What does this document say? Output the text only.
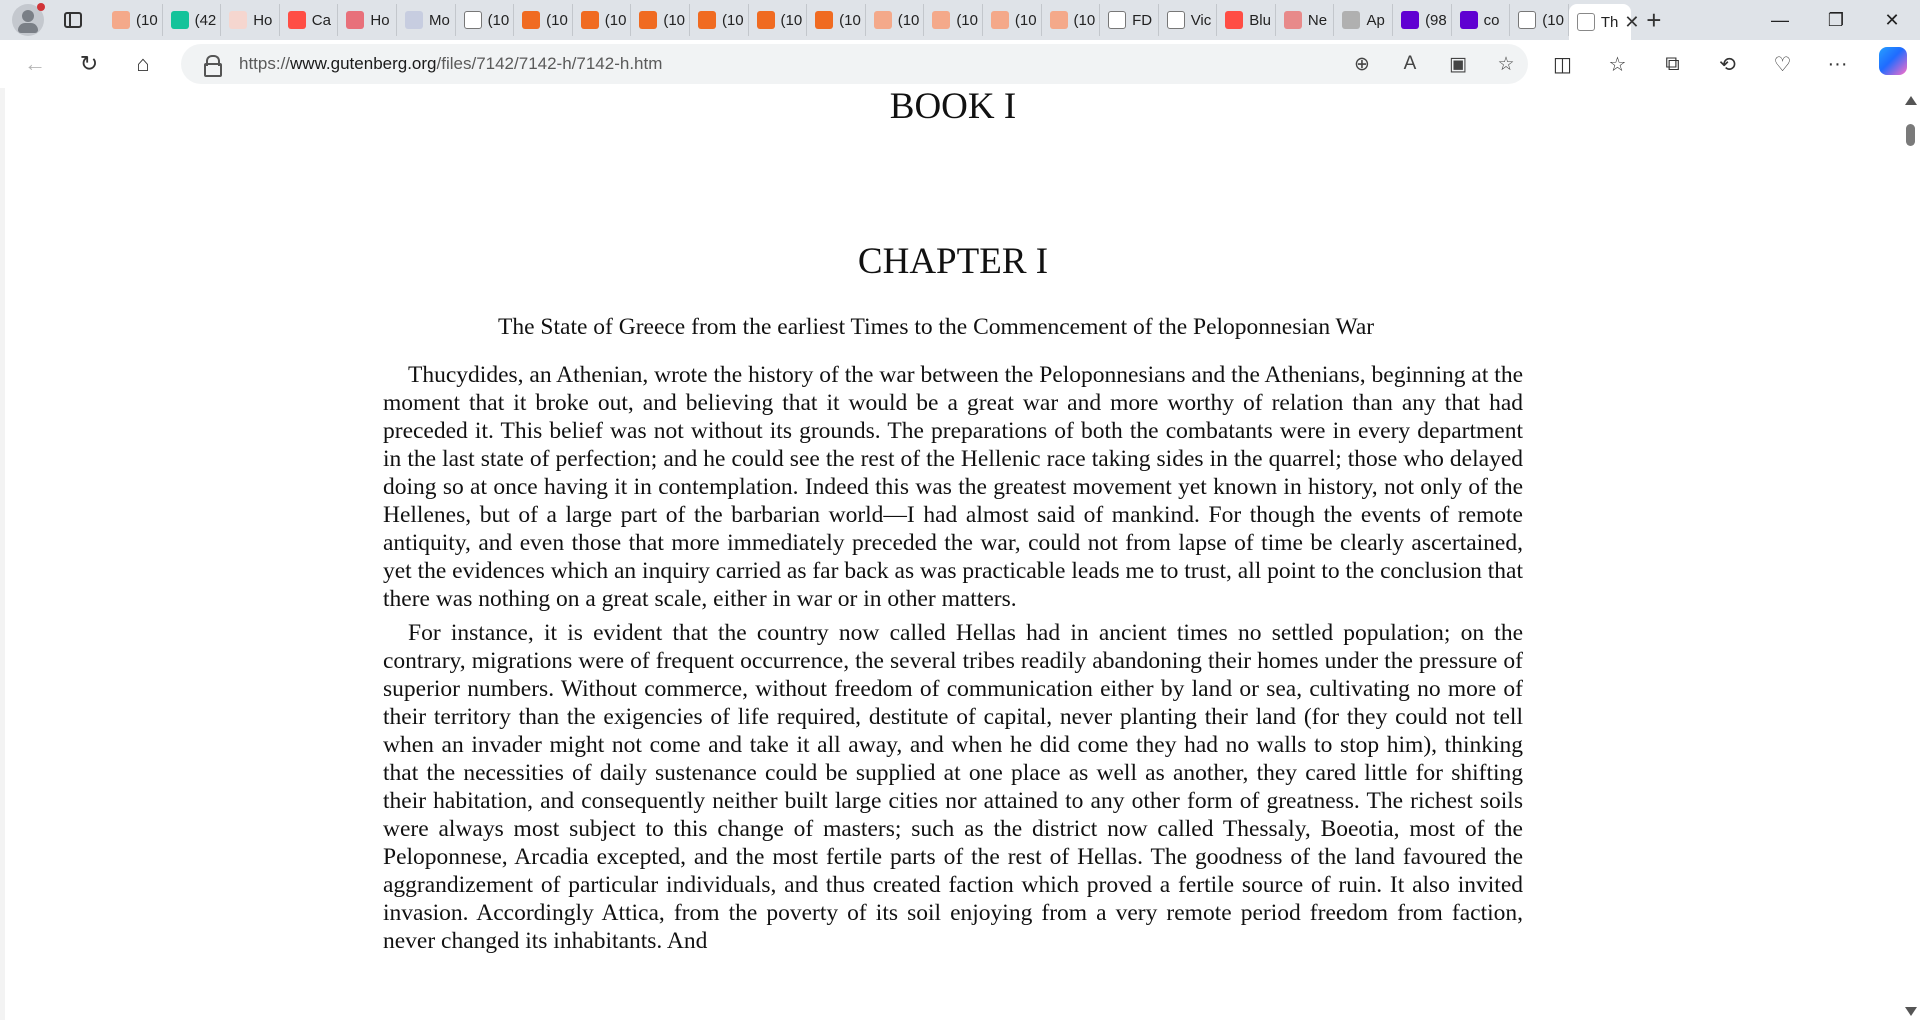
(10 (42 Ho	Ca	Ho	Mo	(10 (10 (10 (10 (10 (10 (10 (10 (10 (10 (10 FD	Vic	Blu Ne	Ap	(98 co	(10 Th ✕ +	—	❐	✕
←	↻	⌂	https://www.gutenberg.org/files/7142/7142-h/7142-h.htm	⊕ A ▣ ☆	◫	☆	⧉	⟲	♡	···
BOOK I
CHAPTER I

The State of Greece from the earliest Times to the Commencement of the Peloponnesian War

Thucydides, an Athenian, wrote the history of the war between the Peloponnesians and the Athenians, beginning at the moment that it broke out, and believing that it would be a great war and more worthy of relation than any that had preceded it. This belief was not without its grounds. The preparations of both the combatants were in every department in the last state of perfection; and he could see the rest of the Hellenic race taking sides in the quarrel; those who delayed doing so at once having it in contemplation. Indeed this was the greatest movement yet known in history, not only of the Hellenes, but of a large part of the barbarian world—I had almost said of mankind. For though the events of remote antiquity, and even those that more immediately preceded the war, could not from lapse of time be clearly ascertained, yet the evidences which an inquiry carried as far back as was practicable leads me to trust, all point to the conclusion that there was nothing on a great scale, either in war or in other matters.

For instance, it is evident that the country now called Hellas had in ancient times no settled population; on the contrary, migrations were of frequent occurrence, the several tribes readily abandoning their homes under the pressure of superior numbers. Without commerce, without freedom of communication either by land or sea, cultivating no more of their territory than the exigencies of life required, destitute of capital, never planting their land (for they could not tell when an invader might not come and take it all away, and when he did come they had no walls to stop him), thinking that the necessities of daily sustenance could be supplied at one place as well as another, they cared little for shifting their habitation, and consequently neither built large cities nor attained to any other form of greatness. The richest soils were always most subject to this change of masters; such as the district now called Thessaly, Boeotia, most of the Peloponnese, Arcadia excepted, and the most fertile parts of the rest of Hellas. The goodness of the land favoured the aggrandizement of particular individuals, and thus created faction which proved a fertile source of ruin. It also invited invasion. Accordingly Attica, from the poverty of its soil enjoying from a very remote period freedom from faction, never changed its inhabitants. And
